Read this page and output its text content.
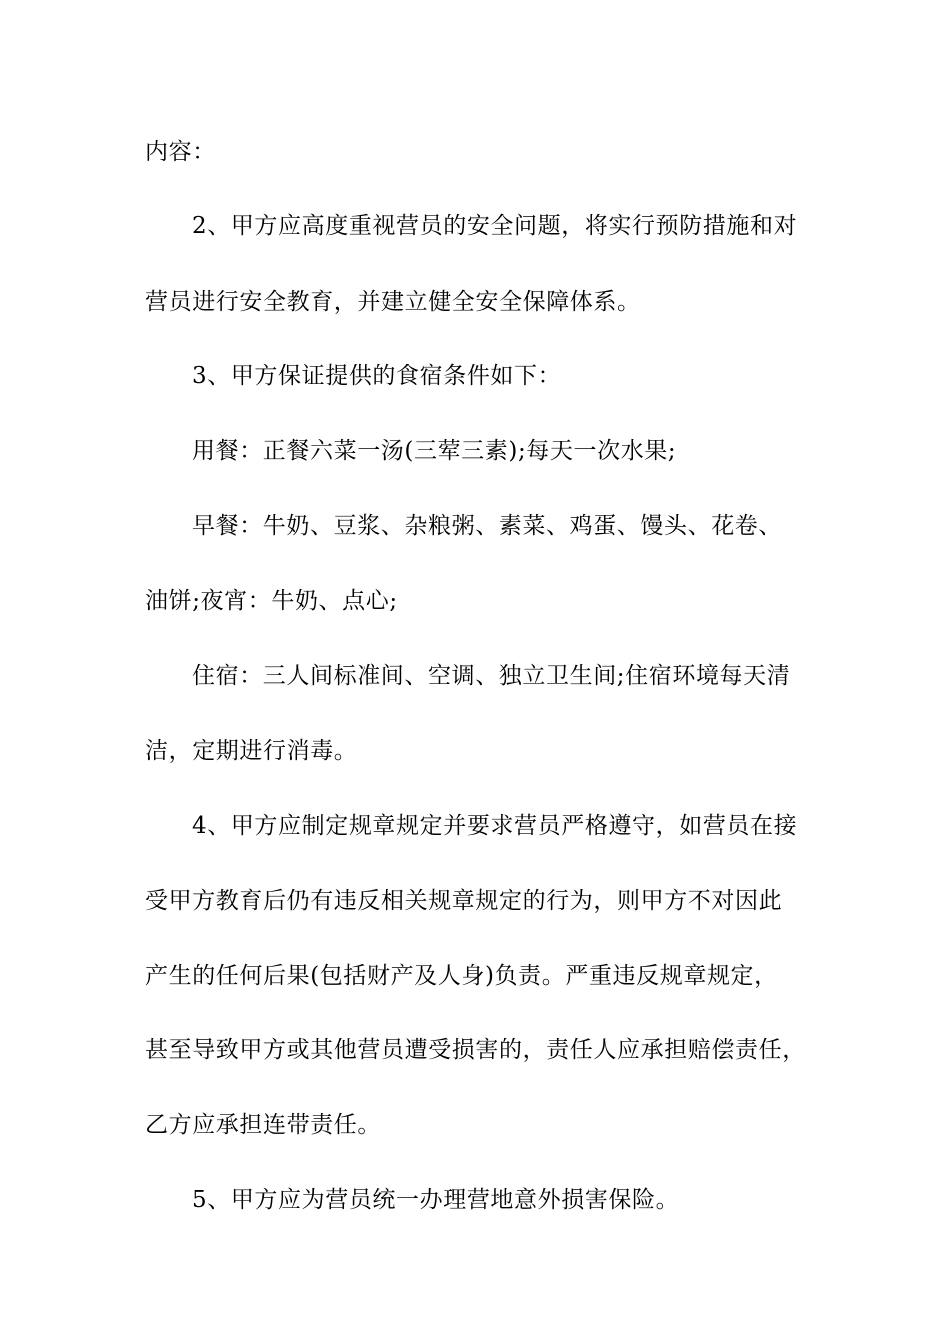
内容：
2、甲方应高度重视营员的安全问题，将实行预防措施和对
营员进行安全教育，并建立健全安全保障体系。
3、甲方保证提供的食宿条件如下：
用餐：正餐六菜一汤(三荤三素);每天一次水果;
早餐：牛奶、豆浆、杂粮粥、素菜、鸡蛋、馒头、花卷、
油饼;夜宵：牛奶、点心;
住宿：三人间标准间、空调、独立卫生间;住宿环境每天清
洁，定期进行消毒。
4、甲方应制定规章规定并要求营员严格遵守，如营员在接
受甲方教育后仍有违反相关规章规定的行为，则甲方不对因此
产生的任何后果(包括财产及人身)负责。严重违反规章规定，
甚至导致甲方或其他营员遭受损害的，责任人应承担赔偿责任，
乙方应承担连带责任。
5、甲方应为营员统一办理营地意外损害保险。
